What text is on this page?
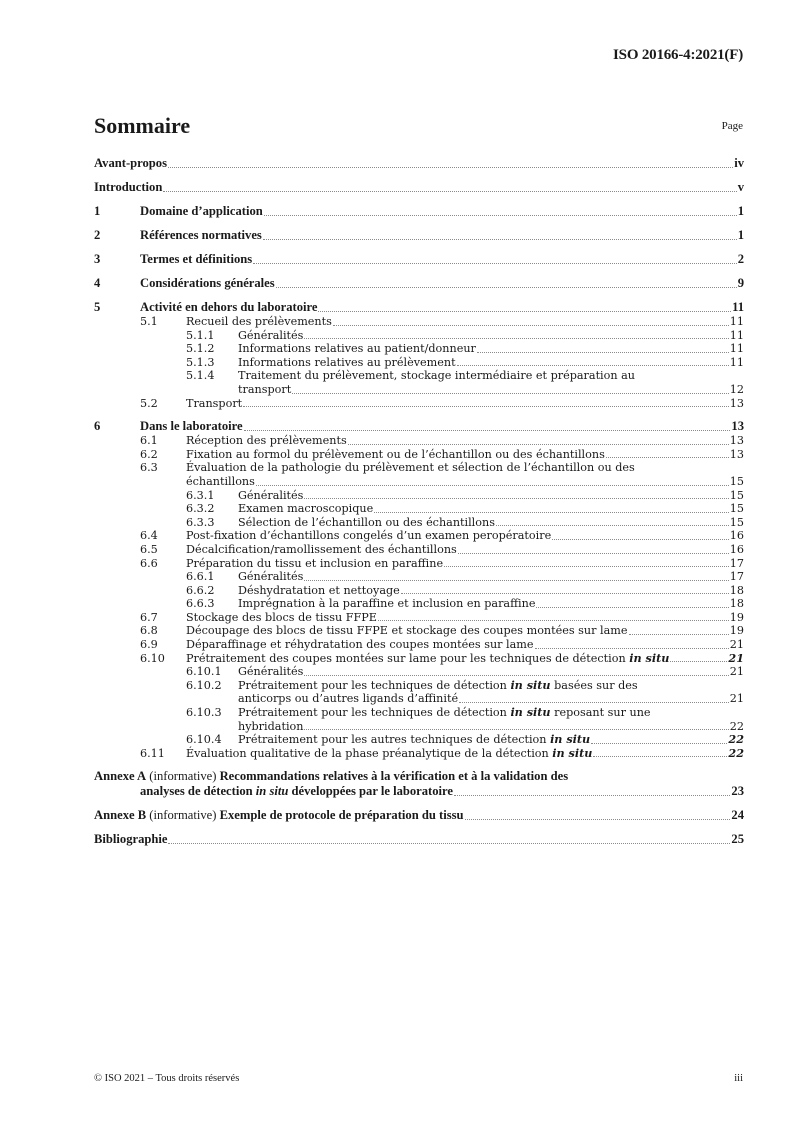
ISO 20166-4:2021(F)
Sommaire	Page
Avant-propos	iv
Introduction	v
1	Domaine d’application	1
2	Références normatives	1
3	Termes et définitions	2
4	Considérations générales	9
5	Activité en dehors du laboratoire	11
5.1	Recueil des prélèvements	11
5.1.1	Généralités	11
5.1.2	Informations relatives au patient/donneur	11
5.1.3	Informations relatives au prélèvement	11
5.1.4	Traitement du prélèvement, stockage intermédiaire et préparation au
transport	12
5.2	Transport	13
6	Dans le laboratoire	13
6.1	Réception des prélèvements	13
6.2	Fixation au formol du prélèvement ou de l’échantillon ou des échantillons	13
6.3	Évaluation de la pathologie du prélèvement et sélection de l’échantillon ou des
échantillons	15
6.3.1	Généralités	15
6.3.2	Examen macroscopique	15
6.3.3	Sélection de l’échantillon ou des échantillons	15
6.4	Post-fixation d’échantillons congelés d’un examen peropératoire	16
6.5	Décalcification/ramollissement des échantillons	16
6.6	Préparation du tissu et inclusion en paraffine	17
6.6.1	Généralités	17
6.6.2	Déshydratation et nettoyage	18
6.6.3	Imprégnation à la paraffine et inclusion en paraffine	18
6.7	Stockage des blocs de tissu FFPE	19
6.8	Découpage des blocs de tissu FFPE et stockage des coupes montées sur lame	19
6.9	Déparaffinage et réhydratation des coupes montées sur lame	21
6.10	Prétraitement des coupes montées sur lame pour les techniques de détection in situ	21
6.10.1	Généralités	21
6.10.2	Prétraitement pour les techniques de détection in situ basées sur des
anticorps ou d’autres ligands d’affinité	21
6.10.3	Prétraitement pour les techniques de détection in situ reposant sur une
hybridation	22
6.10.4	Prétraitement pour les autres techniques de détection in situ	22
6.11	Évaluation qualitative de la phase préanalytique de la détection in situ	22
Annexe A (informative) Recommandations relatives à la vérification et à la validation des
analyses de détection in situ développées par le laboratoire	23
Annexe B (informative) Exemple de protocole de préparation du tissu	24
Bibliographie	25
© ISO 2021 – Tous droits réservés	iii
